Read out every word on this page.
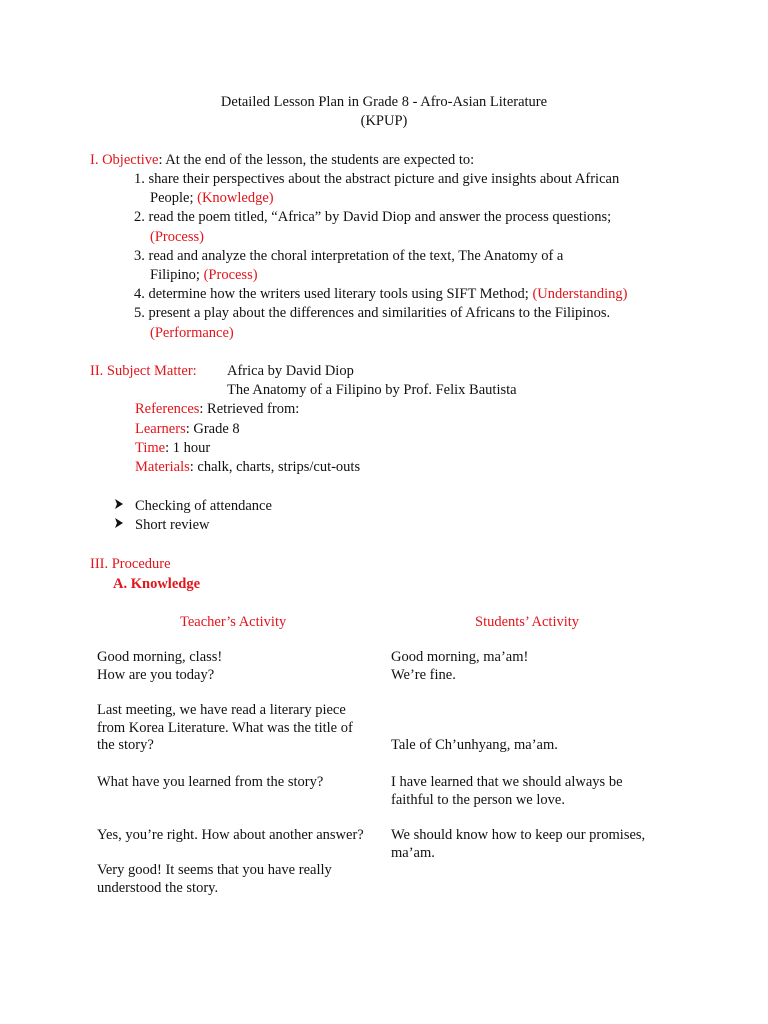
Detailed Lesson Plan in Grade 8 - Afro-Asian Literature
(KPUP)
I. Objective: At the end of the lesson, the students are expected to:
1. share their perspectives about the abstract picture and give insights about African
People; (Knowledge)
2. read the poem titled, “Africa” by David Diop and answer the process questions;
(Process)
3. read and analyze the choral interpretation of the text, The Anatomy of a
Filipino; (Process)
4. determine how the writers used literary tools using SIFT Method; (Understanding)
5. present a play about the differences and similarities of Africans to the Filipinos.
(Performance)
II. Subject Matter: Africa by David Diop
The Anatomy of a Filipino by Prof. Felix Bautista
References: Retrieved from:
Learners: Grade 8
Time: 1 hour
Materials: chalk, charts, strips/cut-outs
Checking of attendance
Short review
III. Procedure
A. Knowledge
Teacher’s Activity	Students’ Activity
Good morning, class!
How are you today?
Last meeting, we have read a literary piece
from Korea Literature. What was the title of
the story?
What have you learned from the story?
Yes, you’re right. How about another answer?
Very good! It seems that you have really
understood the story.
Good morning, ma’am!
We’re fine.
Tale of Ch’unhyang, ma’am.
I have learned that we should always be
faithful to the person we love.
We should know how to keep our promises,
ma’am.
